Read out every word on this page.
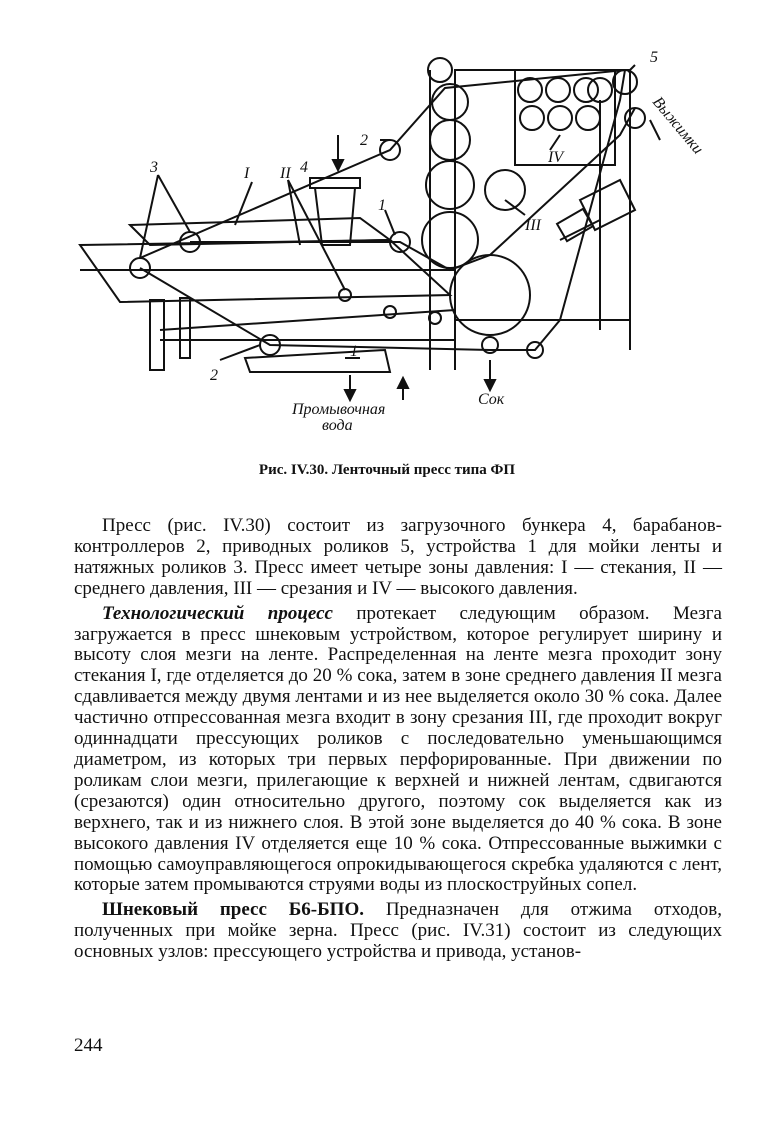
5
2
3	I II 4
1
III
IV
2
1
Выжимки
Промывочная
вода
Сок
Рис. IV.30. Ленточный пресс типа ФП

Пресс (рис. IV.30) состоит из загрузочного бункера 4, барабанов-контроллеров 2, приводных роликов 5, устройства 1 для мойки ленты и натяжных роликов 3. Пресс имеет четыре зоны давления: I — стекания, II — среднего давления, III — срезания и IV — высокого давления.

Технологический процесс протекает следующим образом. Мезга загружается в пресс шнековым устройством, которое регулирует ширину и высоту слоя мезги на ленте. Распределенная на ленте мезга проходит зону стекания I, где отделяется до 20 % сока, затем в зоне среднего давления II мезга сдавливается между двумя лентами и из нее выделяется около 30 % сока. Далее частично отпрессованная мезга входит в зону срезания III, где проходит вокруг одиннадцати прессующих роликов с последовательно уменьшающимся диаметром, из которых три первых перфорированные. При движении по роликам слои мезги, прилегающие к верхней и нижней лентам, сдвигаются (срезаются) один относительно другого, поэтому сок выделяется как из верхнего, так и из нижнего слоя. В этой зоне выделяется до 40 % сока. В зоне высокого давления IV отделяется еще 10 % сока. Отпрессованные выжимки с помощью самоуправляющегося опрокидывающегося скребка удаляются с лент, которые затем промываются струями воды из плоскоструйных сопел.

Шнековый пресс Б6-БПО. Предназначен для отжима отходов, полученных при мойке зерна. Пресс (рис. IV.31) состоит из следующих основных узлов: прессующего устройства и привода, установ-

244
